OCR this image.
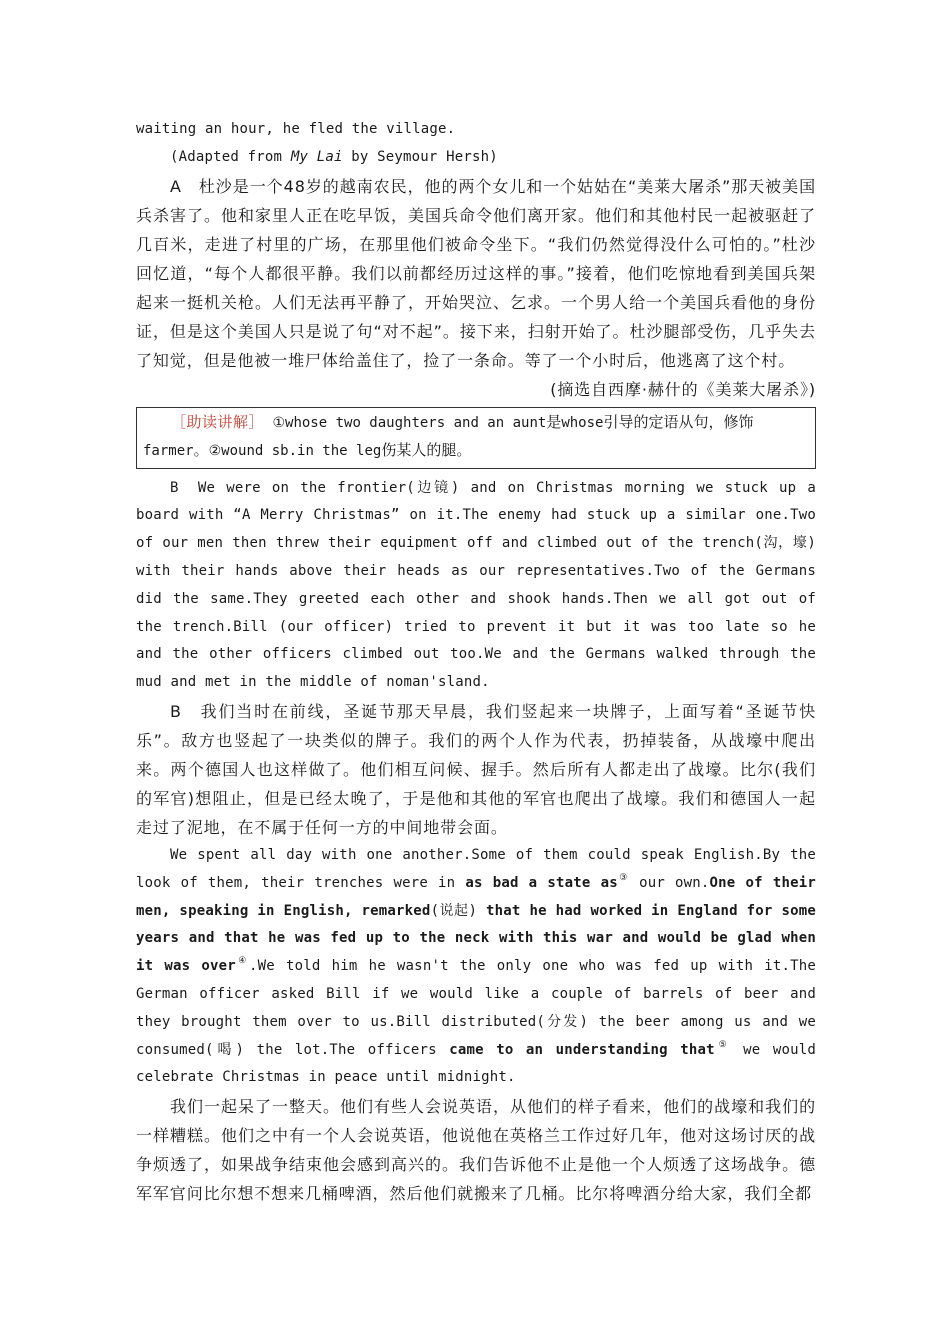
waiting an hour, he fled the village.

(Adapted from My Lai by Seymour Hersh)

A　杜沙是一个48岁的越南农民，他的两个女儿和一个姑姑在“美莱大屠杀”那天被美国兵杀害了。他和家里人正在吃早饭，美国兵命令他们离开家。他们和其他村民一起被驱赶了几百米，走进了村里的广场，在那里他们被命令坐下。“我们仍然觉得没什么可怕的。”杜沙回忆道，“每个人都很平静。我们以前都经历过这样的事。”接着，他们吃惊地看到美国兵架起来一挺机关枪。人们无法再平静了，开始哭泣、乞求。一个男人给一个美国兵看他的身份证，但是这个美国人只是说了句“对不起”。接下来，扫射开始了。杜沙腿部受伤，几乎失去了知觉，但是他被一堆尸体给盖住了，捡了一条命。等了一个小时后，他逃离了这个村。

(摘选自西摩·赫什的《美莱大屠杀》)

［助读讲解］ ①whose two daughters and an aunt是whose引导的定语从句，修饰farmer。②wound sb.in the leg伤某人的腿。

B　We were on the frontier(边镜) and on Christmas morning we stuck up a board with “A Merry Christmas” on it.The enemy had stuck up a similar one.Two of our men then threw their equipment off and climbed out of the trench(沟，壕) with their hands above their heads as our representatives.Two of the Germans did the same.They greeted each other and shook hands.Then we all got out of the trench.Bill (our officer) tried to prevent it but it was too late so he and the other officers climbed out too.We and the Germans walked through the mud and met in the middle of noman'sland.

B　我们当时在前线，圣诞节那天早晨，我们竖起来一块牌子，上面写着“圣诞节快乐”。敌方也竖起了一块类似的牌子。我们的两个人作为代表，扔掉装备，从战壕中爬出来。两个德国人也这样做了。他们相互问候、握手。然后所有人都走出了战壕。比尔(我们的军官)想阻止，但是已经太晚了，于是他和其他的军官也爬出了战壕。我们和德国人一起走过了泥地，在不属于任何一方的中间地带会面。

We spent all day with one another.Some of them could speak English.By the look of them, their trenches were in as bad a state as③ our own.One of their men, speaking in English, remarked(说起) that he had worked in England for some years and that he was fed up to the neck with this war and would be glad when it was over④.We told him he wasn't the only one who was fed up with it.The German officer asked Bill if we would like a couple of barrels of beer and they brought them over to us.Bill distributed(分发) the beer among us and we consumed(喝) the lot.The officers came to an understanding that⑤ we would celebrate Christmas in peace until midnight.

我们一起呆了一整天。他们有些人会说英语，从他们的样子看来，他们的战壕和我们的一样糟糕。他们之中有一个人会说英语，他说他在英格兰工作过好几年，他对这场讨厌的战争烦透了，如果战争结束他会感到高兴的。我们告诉他不止是他一个人烦透了这场战争。德军军官问比尔想不想来几桶啤酒，然后他们就搬来了几桶。比尔将啤酒分给大家，我们全都
